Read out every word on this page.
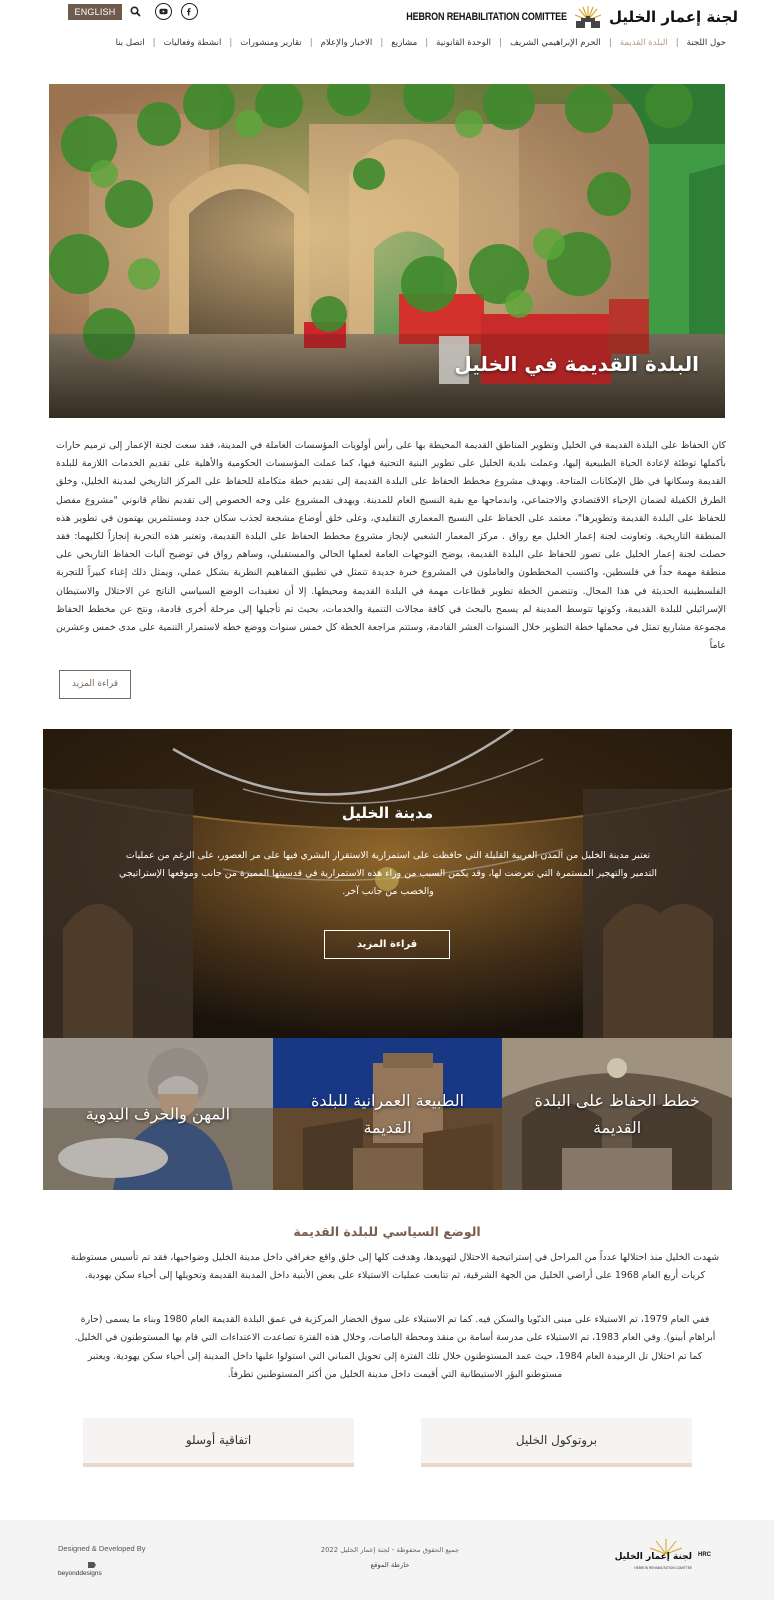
ENGLISH	لجنة إعمار الخليل
HEBRON REHABILITATION COMITTEE
حول اللجنة
|
البلدة القديمة
|
الحرم الإبراهيمي الشريف
|
الوحدة القانونية
|
مشاريع
|
الاخبار والإعلام
|
تقارير ومنشورات
|
انشطة وفعاليات
|
اتصل بنا
البلدة القديمة في الخليل

كان الحفاظ على البلدة القديمة في الخليل وتطوير المناطق القديمة المحيطة بها على رأس أولويات المؤسسات العاملة في المدينة، فقد سعت لجنة الإعمار إلى ترميم حارات بأكملها توطئة لإعادة الحياة الطبيعية إليها، وعملت بلدية الخليل على تطوير البنية التحتية فيها، كما عملت المؤسسات الحكومية والأهلية على تقديم الخدمات اللازمة للبلدة القديمة وسكانها في ظل الإمكانات المتاحة. ويهدف مشروع مخطط الحفاظ على البلدة القديمة إلى تقديم خطة متكاملة للحفاظ على المركز التاريخي لمدينة الخليل، وخلق الطرق الكفيلة لضمان الإحياء الاقتصادي والاجتماعي، واندماجها مع بقية النسيج العام للمدينة. ويهدف المشروع على وجه الخصوص إلى تقديم نظام قانوني "مشروع مفصل للحفاظ على البلدة القديمة وتطويرها"، معتمد على الحفاظ على النسيج المعماري التقليدي، وعلى خلق أوضاع مشجعة لجذب سكان جدد ومستثمرين يهتمون في تطوير هذه المنطقة التاريخية. وتعاونت لجنة إعمار الخليل مع رواق . مركز المعمار الشعبي لإنجاز مشروع مخطط الحفاظ على البلدة القديمة، وتعتبر هذه التجربة إنجازاً لكليهما: فقد حصلت لجنة إعمار الخليل على تصور للحفاظ على البلدة القديمة، يوضح التوجهات العامة لعملها الحالي والمستقبلي، وساهم رواق في توضيح آليات الحفاظ التاريخي على منطقة مهمة جداً في فلسطين، واكتسب المخططون والعاملون في المشروع خبرة جديدة تتمثل في تطبيق المفاهيم النظرية بشكل عملي، ويمثل ذلك إغناء كبيراً للتجربة الفلسطينية الحديثة في هذا المجال. وتتضمن الخطة تطوير قطاعات مهمة في البلدة القديمة ومحيطها. إلا أن تعقيدات الوضع السياسي الناتج عن الاحتلال والاستيطان الإسرائيلي للبلدة القديمة، وكونها تتوسط المدينة لم يسمح بالبحث في كافة مجالات التنمية والخدمات، بحيث تم تأجيلها إلى مرحلة أخرى قادمة، ونتج عن مخطط الحفاظ مجموعة مشاريع تمثل في مجملها خطة التطوير خلال السنوات العشر القادمة، وستتم مراجعة الخطة كل خمس سنوات ووضع خطه لاستمرار التنمية على مدى خمس وعشرين عاماً

قراءة المزيد
مدينة الخليل

تعتبر مدينة الخليل من المدن العربية القليلة التي حافظت على استمرارية الاستقرار البشري فيها على مر العصور، على الرغم من عمليات التدمير والتهجير المستمرة التي تعرضت لها، وقد يكمن السبب من وراء هذه الاستمرارية في قدسيتها المميزة من جانب وموقعها الإستراتيجي والخصب من جانب آخر.

قراءة المزيد
المهن والحرف اليدوية
الطبيعة العمرانية للبلدة القديمة
خطط الحفاظ على البلدة القديمة
الوضع السياسي للبلدة القديمة

شهدت الخليل منذ احتلالها عدداً من المراحل في إستراتيجية الاحتلال لتهويدها، وهدفت كلها إلى خلق واقع جغرافي داخل مدينة الخليل وضواحيها، فقد تم تأسيس مستوطنة كريات أربع العام 1968 على أراضي الخليل من الجهة الشرقية، ثم تتابعت عمليات الاستيلاء على بعض الأبنية داخل المدينة القديمة وتحويلها إلى أحياء سكن يهودية.

ففي العام 1979، تم الاستيلاء على مبنى الدبّويا والسكن فيه. كما تم الاستيلاء على سوق الخضار المركزية في عمق البلدة القديمة العام 1980 وبناء ما يسمى (حارة أبراهام أبينو). وفي العام 1983، تم الاستيلاء على مدرسة أسامة بن منقذ ومحطة الباصات، وخلال هذه الفترة تصاعدت الاعتداءات التي قام بها المستوطنون في الخليل. كما تم احتلال تل الرميدة العام 1984، حيث عمد المستوطنون خلال تلك الفترة إلى تحويل المباني التي استولوا عليها داخل المدينة إلى أحياء سكن يهودية. ويعتبر مستوطنو البؤر الاستيطانية التي أقيمت داخل مدينة الخليل من أكثر المستوطنين تطرفاً.

اتفاقية أوسلو	بروتوكول الخليل
Designed & Developed By
beyonddesigns
جميع الحقوق محفوظة - لجنة إعمار الخليل 2022
خارطة الموقع
لجنة إعمار الخليل
HEBRON REHABILITATION COMITTEE
HRC
